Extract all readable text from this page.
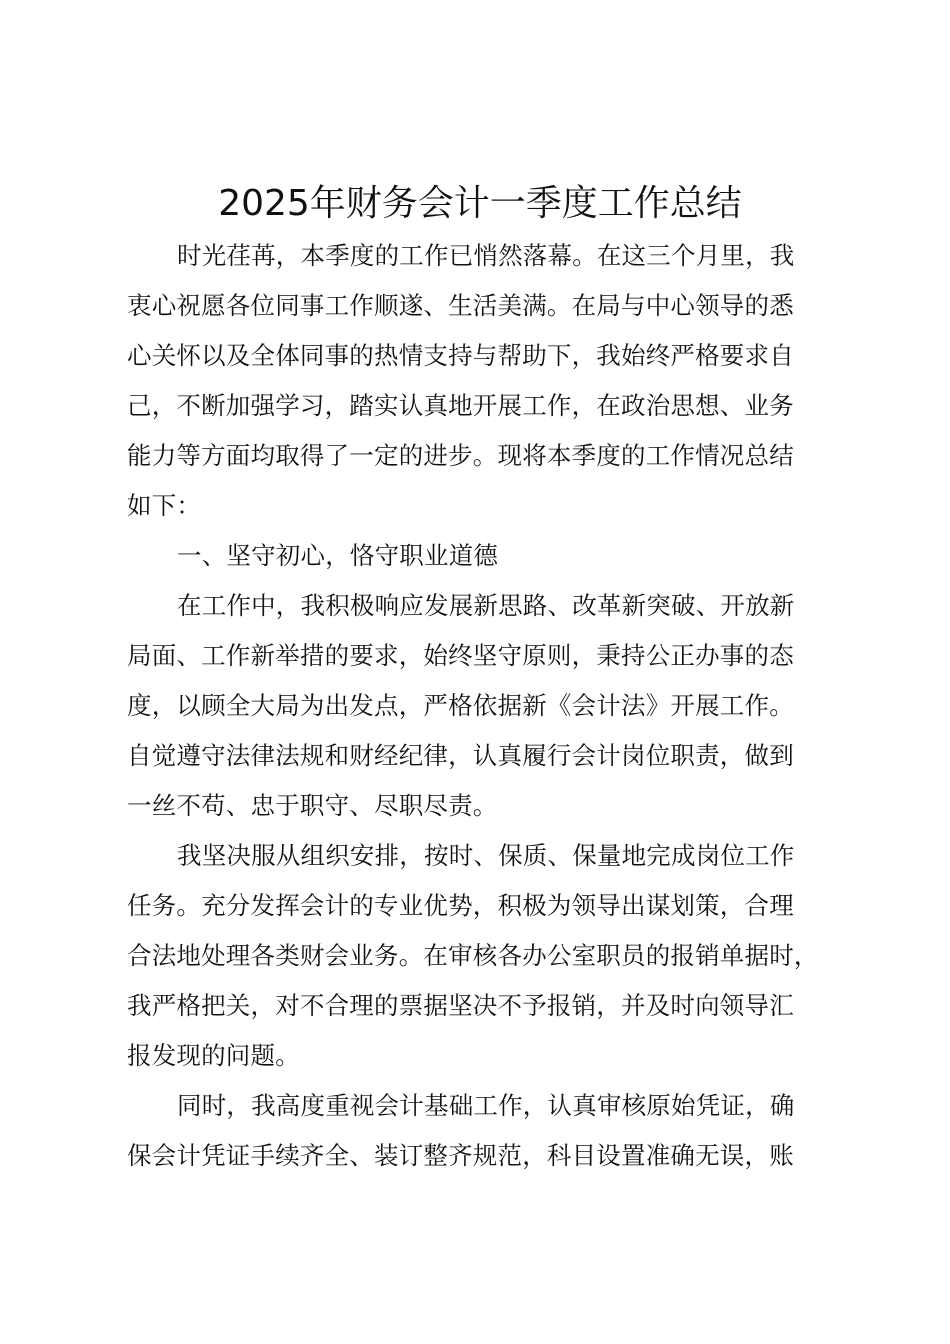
2025年财务会计一季度工作总结
时光荏苒，本季度的工作已悄然落幕。在这三个月里，我
衷心祝愿各位同事工作顺遂、生活美满。在局与中心领导的悉
心关怀以及全体同事的热情支持与帮助下，我始终严格要求自
己，不断加强学习，踏实认真地开展工作，在政治思想、业务
能力等方面均取得了一定的进步。现将本季度的工作情况总结
如下：
一、坚守初心，恪守职业道德
在工作中，我积极响应发展新思路、改革新突破、开放新
局面、工作新举措的要求，始终坚守原则，秉持公正办事的态
度，以顾全大局为出发点，严格依据新《会计法》开展工作。
自觉遵守法律法规和财经纪律，认真履行会计岗位职责，做到
一丝不苟、忠于职守、尽职尽责。
我坚决服从组织安排，按时、保质、保量地完成岗位工作
任务。充分发挥会计的专业优势，积极为领导出谋划策，合理
合法地处理各类财会业务。在审核各办公室职员的报销单据时，
我严格把关，对不合理的票据坚决不予报销，并及时向领导汇
报发现的问题。
同时，我高度重视会计基础工作，认真审核原始凭证，确
保会计凭证手续齐全、装订整齐规范，科目设置准确无误，账
